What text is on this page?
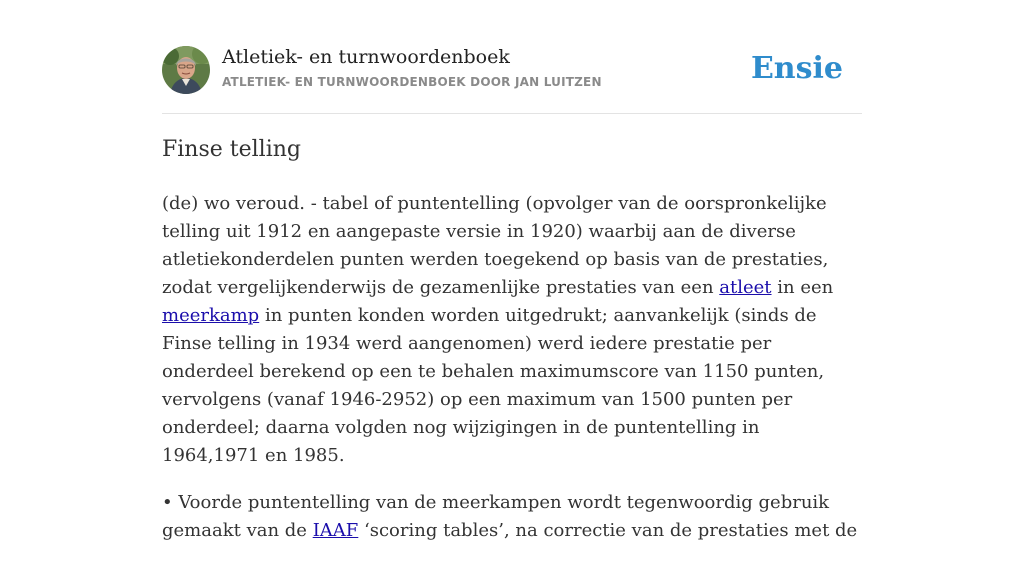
Atletiek- en turnwoordenboek
ATLETIEK- EN TURNWOORDENBOEK DOOR JAN LUITZEN	Ensie
Finse telling

(de) wo veroud. - tabel of puntentelling (opvolger van de oorspronkelijke telling uit 1912 en aangepaste versie in 1920) waarbij aan de diverse atletiekonderdelen punten werden toegekend op basis van de prestaties, zodat vergelijkenderwijs de gezamenlijke prestaties van een atleet in een meerkamp in punten konden worden uitgedrukt; aanvankelijk (sinds de Finse telling in 1934 werd aangenomen) werd iedere prestatie per onderdeel berekend op een te behalen maximumscore van 1150 punten, vervolgens (vanaf 1946-2952) op een maximum van 1500 punten per onderdeel; daarna volgden nog wijzigingen in de puntentelling in 1964,1971 en 1985.

• Voorde puntentelling van de meerkampen wordt tegenwoordig gebruik gemaakt van de IAAF ‘scoring tables’, na correctie van de prestaties met de
